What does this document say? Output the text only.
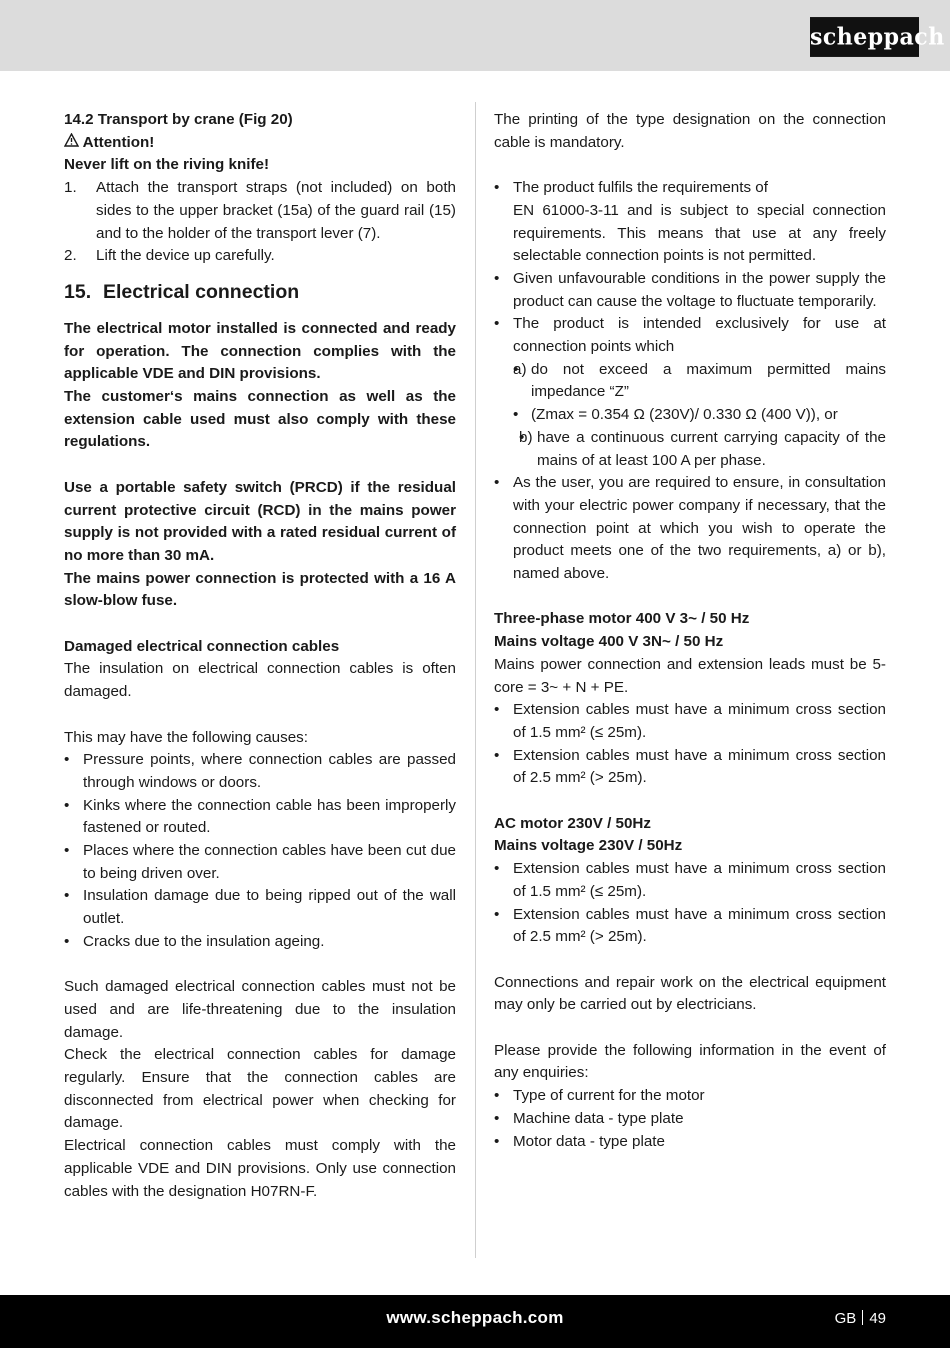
scheppach

14.2 Transport by crane (Fig 20)

Attention!

Never lift on the riving knife!

1. Attach the transport straps (not included) on both sides to the upper bracket (15a) of the guard rail (15) and to the holder of the transport lever (7).
2. Lift the device up carefully.
15. Electrical connection

The electrical motor installed is connected and ready for operation. The connection complies with the applicable VDE and DIN provisions.

The customer‘s mains connection as well as the extension cable used must also comply with these regulations.

Use a portable safety switch (PRCD) if the residual current protective circuit (RCD) in the mains power supply is not provided with a rated residual current of no more than 30 mA.

The mains power connection is protected with a 16 A slow-blow fuse.

Damaged electrical connection cables

The insulation on electrical connection cables is often damaged.

This may have the following causes:

• Pressure points, where connection cables are passed through windows or doors.
• Kinks where the connection cable has been improperly fastened or routed.
• Places where the connection cables have been cut due to being driven over.
• Insulation damage due to being ripped out of the wall outlet.
• Cracks due to the insulation ageing.

Such damaged electrical connection cables must not be used and are life-threatening due to the insulation damage.

Check the electrical connection cables for damage regularly. Ensure that the connection cables are disconnected from electrical power when checking for damage.

Electrical connection cables must comply with the applicable VDE and DIN provisions. Only use connection cables with the designation H07RN-F.

The printing of the type designation on the connection cable is mandatory.

• The product fulfils the requirements of
EN 61000-3-11 and is subject to special connection requirements. This means that use at any freely selectable connection points is not permitted.
• Given unfavourable conditions in the power supply the product can cause the voltage to fluctuate temporarily.
• The product is intended exclusively for use at connection points which
• a) do not exceed a maximum permitted mains impedance “Z”
• (Zmax = 0.354 Ω (230V)/ 0.330 Ω (400 V)), or
• b) have a continuous current carrying capacity of the mains of at least 100 A per phase.
• As the user, you are required to ensure, in consultation with your electric power company if necessary, that the connection point at which you wish to operate the product meets one of the two requirements, a) or b), named above.

Three-phase motor 400 V 3~ / 50 Hz

Mains voltage 400 V 3N~ / 50 Hz

Mains power connection and extension leads must be 5-core = 3~ + N + PE.

• Extension cables must have a minimum cross section of 1.5 mm² (≤ 25m).
• Extension cables must have a minimum cross section of 2.5 mm² (> 25m).

AC motor 230V / 50Hz

Mains voltage 230V / 50Hz

• Extension cables must have a minimum cross section of 1.5 mm² (≤ 25m).
• Extension cables must have a minimum cross section of 2.5 mm² (> 25m).

Connections and repair work on the electrical equipment may only be carried out by electricians.

Please provide the following information in the event of any enquiries:

• Type of current for the motor
• Machine data - type plate
• Motor data - type plate
www.scheppach.com	GB 49
